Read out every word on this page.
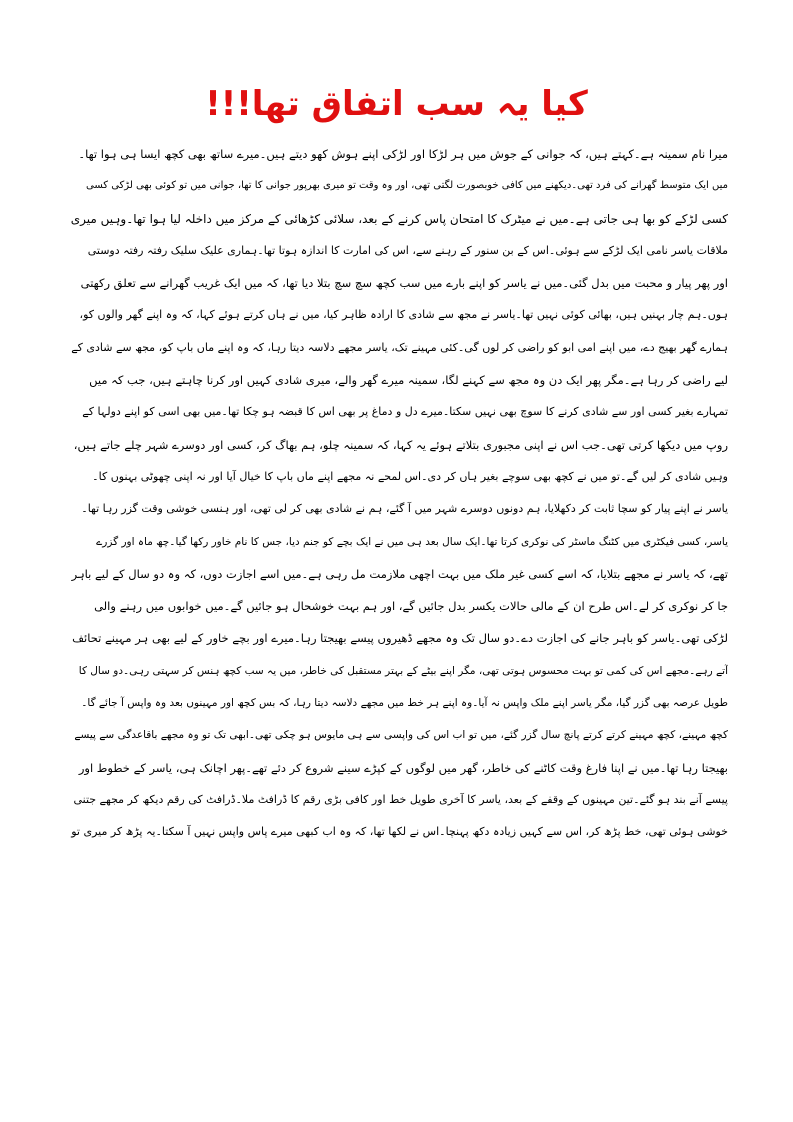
کیا یہ سب اتفاق تھا!!!
میرا نام سمینہ ہے۔کہتے ہیں، کہ جوانی کے جوش میں ہر لڑکا اور لڑکی اپنے ہوش کھو دیتے ہیں۔میرے ساتھ بھی کچھ ایسا ہی ہوا تھا۔
میں ایک متوسط گھرانے کی فرد تھی۔دیکھنے میں کافی خوبصورت لگتی تھی، اور وہ وقت تو میری بھرپور جوانی کا تھا، جوانی میں تو کوئی بھی لڑکی کسی
کسی لڑکے کو بھا ہی جاتی ہے۔میں نے میٹرک کا امتحان پاس کرنے کے بعد، سلائی کڑھائی کے مرکز میں داخلہ لیا ہوا تھا۔وہیں میری
ملاقات یاسر نامی ایک لڑکے سے ہوئی۔اس کے بن سنور کے رہنے سے، اس کی امارت کا اندازہ ہوتا تھا۔ہماری علیک سلیک رفتہ رفتہ دوستی
اور پھر پیار و محبت میں بدل گئی۔میں نے یاسر کو اپنے بارے میں سب کچھ سچ سچ بتلا دیا تھا، کہ میں ایک غریب گھرانے سے تعلق رکھتی
ہوں۔ہم چار بہنیں ہیں، بھائی کوئی نہیں تھا۔یاسر نے مجھ سے شادی کا ارادہ ظاہر کیا، میں نے ہاں کرتے ہوئے کہا، کہ وہ اپنے گھر والوں کو،
ہمارے گھر بھیج دے، میں اپنے امی ابو کو راضی کر لوں گی۔کئی مہینے تک، یاسر مجھے دلاسہ دیتا رہا، کہ وہ اپنے ماں باپ کو، مجھ سے شادی کے
لیے راضی کر رہا ہے۔مگر پھر ایک دن وہ مجھ سے کہنے لگا، سمینہ میرے گھر والے، میری شادی کہیں اور کرنا چاہتے ہیں، جب کہ میں
تمہارے بغیر کسی اور سے شادی کرنے کا سوچ بھی نہیں سکتا۔میرے دل و دماغ پر بھی اس کا قبضہ ہو چکا تھا۔میں بھی اسی کو اپنے دولہا کے
روپ میں دیکھا کرتی تھی۔جب اس نے اپنی مجبوری بتلاتے ہوئے یہ کہا، کہ سمینہ چلو، ہم بھاگ کر، کسی اور دوسرے شہر چلے جاتے ہیں،
وہیں شادی کر لیں گے۔تو میں نے کچھ بھی سوچے بغیر ہاں کر دی۔اس لمحے نہ مجھے اپنے ماں باپ کا خیال آیا اور نہ اپنی چھوٹی بہنوں کا۔
یاسر نے اپنے پیار کو سچا ثابت کر دکھلایا، ہم دونوں دوسرے شہر میں آ گئے، ہم نے شادی بھی کر لی تھی، اور ہنسی خوشی وقت گزر رہا تھا۔
یاسر، کسی فیکٹری میں کٹنگ ماسٹر کی نوکری کرتا تھا۔ایک سال بعد ہی میں نے ایک بچے کو جنم دیا، جس کا نام خاور رکھا گیا۔چھ ماہ اور گزرے
تھے، کہ یاسر نے مجھے بتلایا، کہ اسے کسی غیر ملک میں بہت اچھی ملازمت مل رہی ہے۔میں اسے اجازت دوں، کہ وہ دو سال کے لیے باہر
جا کر نوکری کر لے۔اس طرح ان کے مالی حالات یکسر بدل جائیں گے، اور ہم بہت خوشحال ہو جائیں گے۔میں خوابوں میں رہنے والی
لڑکی تھی۔یاسر کو باہر جانے کی اجازت دے۔دو سال تک وہ مجھے ڈھیروں پیسے بھیجتا رہا۔میرے اور بچے خاور کے لیے بھی ہر مہینے تحائف
آتے رہے۔مجھے اس کی کمی تو بہت محسوس ہوتی تھی، مگر اپنے بیٹے کے بہتر مستقبل کی خاطر، میں یہ سب کچھ ہنس کر سہتی رہی۔دو سال کا
طویل عرصہ بھی گزر گیا، مگر یاسر اپنے ملک واپس نہ آیا۔وہ اپنے ہر خط میں مجھے دلاسہ دیتا رہا، کہ بس کچھ اور مہینوں بعد وہ واپس آ جائے گا۔
کچھ مہینے، کچھ مہینے کرتے کرتے پانچ سال گزر گئے، میں تو اب اس کی واپسی سے ہی مایوس ہو چکی تھی۔ابھی تک تو وہ مجھے باقاعدگی سے پیسے
بھیجتا رہا تھا۔میں نے اپنا فارغ وقت کاٹنے کی خاطر، گھر میں لوگوں کے کپڑے سینے شروع کر دئے تھے۔پھر اچانک ہی، یاسر کے خطوط اور
پیسے آنے بند ہو گئے۔تین مہینوں کے وقفے کے بعد، یاسر کا آخری طویل خط اور کافی بڑی رقم کا ڈرافٹ ملا۔ڈرافٹ کی رقم دیکھ کر مجھے جتنی
خوشی ہوئی تھی، خط پڑھ کر، اس سے کہیں زیادہ دکھ پہنچا۔اس نے لکھا تھا، کہ وہ اب کبھی میرے پاس واپس نہیں آ سکتا۔یہ پڑھ کر میری تو
